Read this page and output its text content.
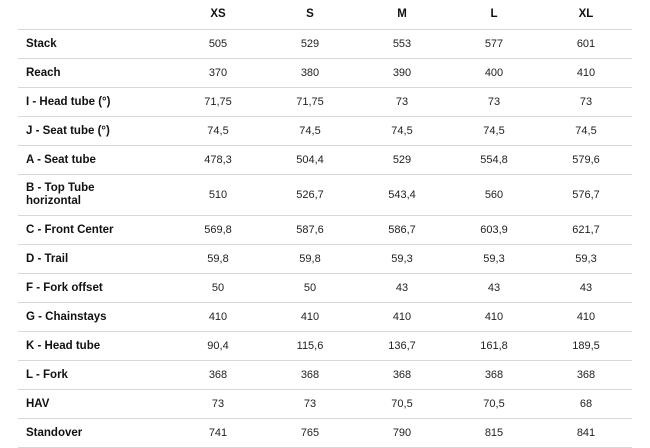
	XS	S	M	L	XL
Stack	505	529	553	577	601
Reach	370	380	390	400	410
I - Head tube (°)	71,75	71,75	73	73	73
J - Seat tube (°)	74,5	74,5	74,5	74,5	74,5
A - Seat tube	478,3	504,4	529	554,8	579,6

B - Top Tube horizontal	510	526,7	543,4	560	576,7
C - Front Center	569,8	587,6	586,7	603,9	621,7
D - Trail	59,8	59,8	59,3	59,3	59,3
F - Fork offset	50	50	43	43	43
G - Chainstays	410	410	410	410	410
K - Head tube	90,4	115,6	136,7	161,8	189,5
L - Fork	368	368	368	368	368
HAV	73	73	70,5	70,5	68
Standover	741	765	790	815	841
